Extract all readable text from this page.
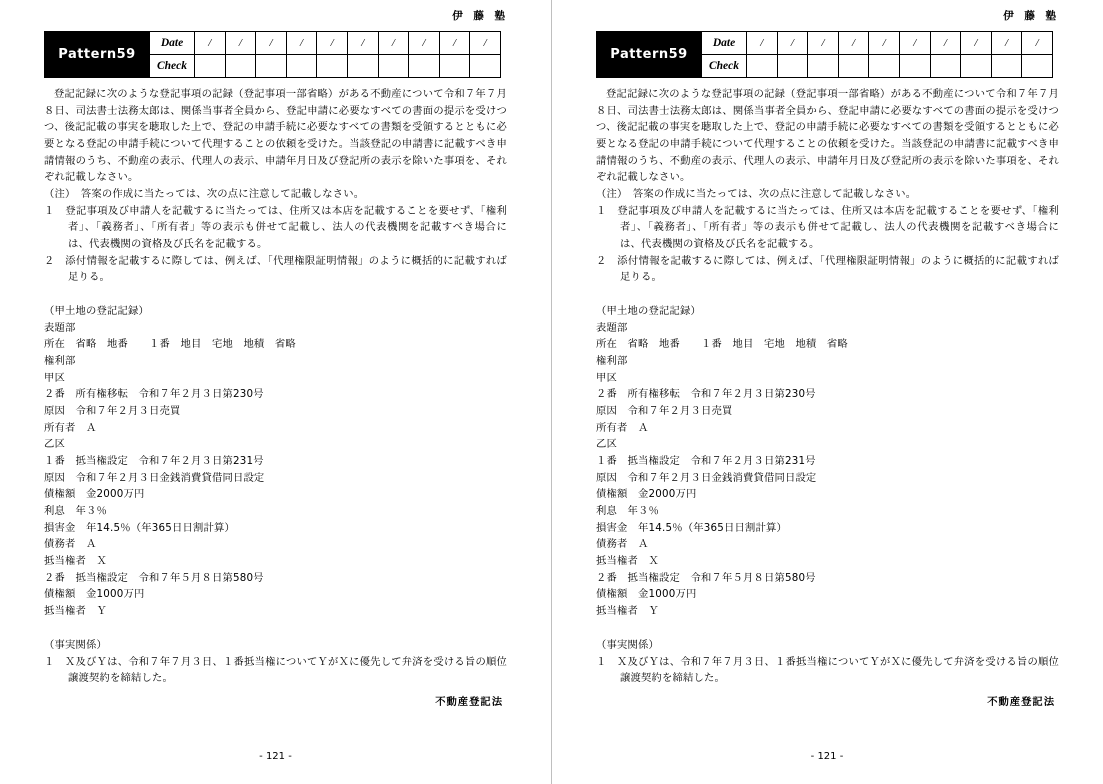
伊 藤 塾
Pattern59
Date	/	/	/	/	/	/	/	/	/	/
Check

登記記録に次のような登記事項の記録（登記事項一部省略）がある不動産について令和７年７月８日、司法書士法務太郎は、関係当事者全員から、登記申請に必要なすべての書面の提示を受けつつ、後記記載の事実を聴取した上で、登記の申請手続に必要なすべての書類を受領するとともに必要となる登記の申請手続について代理することの依頼を受けた。当該登記の申請書に記載すべき申請情報のうち、不動産の表示、代理人の表示、申請年月日及び登記所の表示を除いた事項を、それぞれ記載しなさい。

（注）　答案の作成に当たっては、次の点に注意して記載しなさい。

１　登記事項及び申請人を記載するに当たっては、住所又は本店を記載することを要せず、「権利者」、「義務者」、「所有者」等の表示も併せて記載し、法人の代表機関を記載すべき場合には、代表機関の資格及び氏名を記載する。

２　添付情報を記載するに際しては、例えば、「代理権限証明情報」のように概括的に記載すれば足りる。

（甲土地の登記記録）

表題部

所在　省略　地番　　１番　地目　宅地　地積　省略

権利部

甲区

２番　所有権移転　令和７年２月３日第230号

原因　令和７年２月３日売買

所有者　Ａ

乙区

１番　抵当権設定　令和７年２月３日第231号

原因　令和７年２月３日金銭消費貸借同日設定

債権額　金2000万円

利息　年３％

損害金　年14.5％（年365日日割計算）

債務者　Ａ

抵当権者　Ｘ

２番　抵当権設定　令和７年５月８日第580号

債権額　金1000万円

抵当権者　Ｙ

（事実関係）

１　Ｘ及びＹは、令和７年７月３日、１番抵当権についてＹがＸに優先して弁済を受ける旨の順位譲渡契約を締結した。

不動産登記法
- 121 -
伊 藤 塾
Pattern59
Date	/	/	/	/	/	/	/	/	/	/
Check

登記記録に次のような登記事項の記録（登記事項一部省略）がある不動産について令和７年７月８日、司法書士法務太郎は、関係当事者全員から、登記申請に必要なすべての書面の提示を受けつつ、後記記載の事実を聴取した上で、登記の申請手続に必要なすべての書類を受領するとともに必要となる登記の申請手続について代理することの依頼を受けた。当該登記の申請書に記載すべき申請情報のうち、不動産の表示、代理人の表示、申請年月日及び登記所の表示を除いた事項を、それぞれ記載しなさい。

（注）　答案の作成に当たっては、次の点に注意して記載しなさい。

１　登記事項及び申請人を記載するに当たっては、住所又は本店を記載することを要せず、「権利者」、「義務者」、「所有者」等の表示も併せて記載し、法人の代表機関を記載すべき場合には、代表機関の資格及び氏名を記載する。

２　添付情報を記載するに際しては、例えば、「代理権限証明情報」のように概括的に記載すれば足りる。

（甲土地の登記記録）

表題部

所在　省略　地番　　１番　地目　宅地　地積　省略

権利部

甲区

２番　所有権移転　令和７年２月３日第230号

原因　令和７年２月３日売買

所有者　Ａ

乙区

１番　抵当権設定　令和７年２月３日第231号

原因　令和７年２月３日金銭消費貸借同日設定

債権額　金2000万円

利息　年３％

損害金　年14.5％（年365日日割計算）

債務者　Ａ

抵当権者　Ｘ

２番　抵当権設定　令和７年５月８日第580号

債権額　金1000万円

抵当権者　Ｙ

（事実関係）

１　Ｘ及びＹは、令和７年７月３日、１番抵当権についてＹがＸに優先して弁済を受ける旨の順位譲渡契約を締結した。

不動産登記法
- 121 -
